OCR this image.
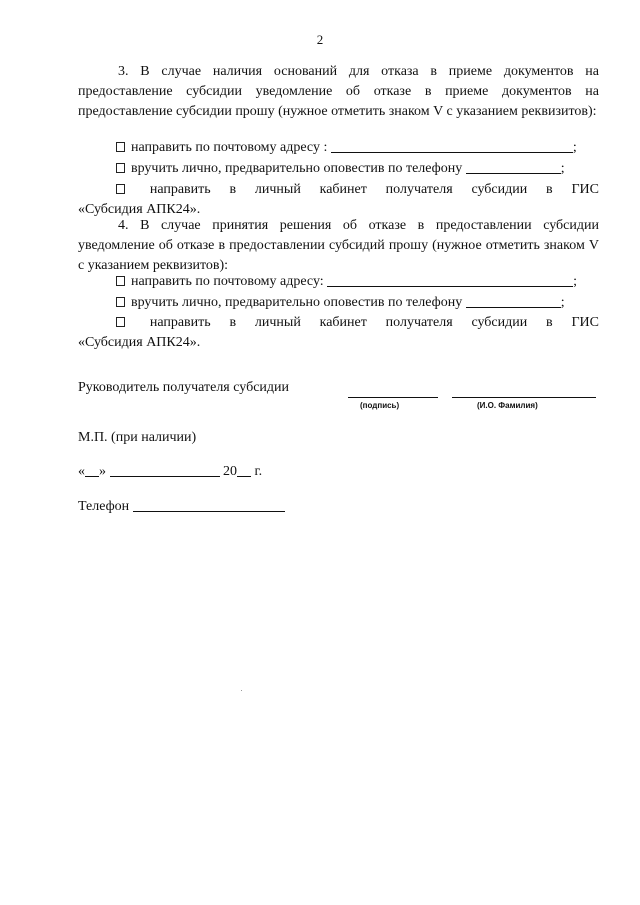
2

3. В случае наличия оснований для отказа в приеме документов на предоставление субсидии уведомление об отказе в приеме документов на предоставление субсидии прошу (нужное отметить знаком V с указанием реквизитов):

направить по почтовому адресу :	;
вручить лично, предварительно оповестив по телефону	;
направить в личный кабинет получателя субсидии в ГИС
«Субсидия АПК24».

4. В случае принятия решения об отказе в предоставлении субсидии уведомление об отказе в предоставлении субсидий прошу (нужное отметить знаком V с указанием реквизитов):

направить по почтовому адресу:	;
вручить лично, предварительно оповестив по телефону	;
направить в личный кабинет получателя субсидии в ГИС
«Субсидия АПК24».
Руководитель получателя субсидии
(подпись)	(И.О. Фамилия)
М.П. (при наличии)
« »	20 г.
Телефон
